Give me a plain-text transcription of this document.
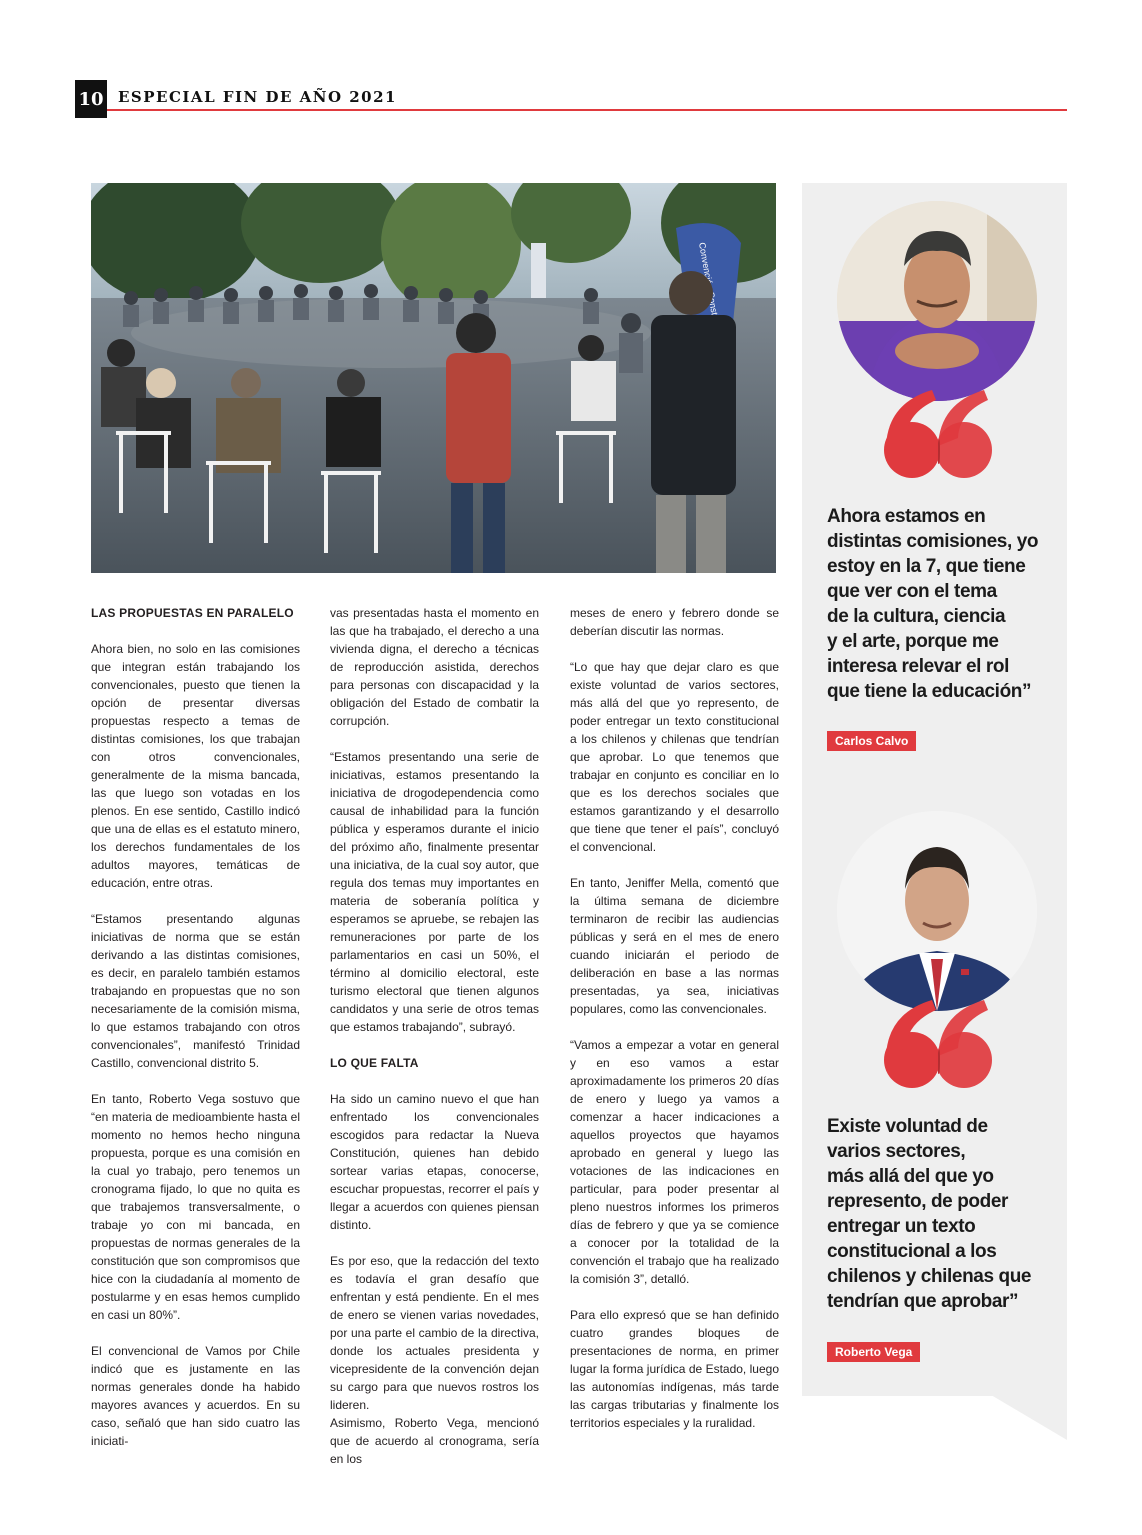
10 ESPECIAL FIN DE AÑO 2021
Convención
LAS PROPUESTAS EN PARALELO

Ahora bien, no solo en las comisiones que integran están trabajando los convencionales, puesto que tienen la opción de presentar diversas propuestas respecto a temas de distintas comisiones, los que trabajan con otros convencionales, generalmente de la misma bancada, las que luego son votadas en los plenos. En ese sentido, Castillo indicó que una de ellas es el estatuto minero, los derechos fundamentales de los adultos mayores, temáticas de educación, entre otras.

“Estamos presentando algunas iniciativas de norma que se están derivando a las distintas comisiones, es decir, en paralelo también estamos trabajando en propuestas que no son necesariamente de la comisión misma, lo que estamos trabajando con otros convencionales”, manifestó Trinidad Castillo, convencional distrito 5.

En tanto, Roberto Vega sostuvo que “en materia de medioambiente hasta el momento no hemos hecho ninguna propuesta, porque es una comisión en la cual yo trabajo, pero tenemos un cronograma fijado, lo que no quita es que trabajemos transversalmente, o trabaje yo con mi bancada, en propuestas de normas generales de la constitución que son compromisos que hice con la ciudadanía al momento de postularme y en esas hemos cumplido en casi un 80%”.

El convencional de Vamos por Chile indicó que es justamente en las normas generales donde ha habido mayores avances y acuerdos. En su caso, señaló que han sido cuatro las iniciati-

vas presentadas hasta el momento en las que ha trabajado, el derecho a una vivienda digna, el derecho a técnicas de reproducción asistida, derechos para personas con discapacidad y la obligación del Estado de combatir la corrupción.

“Estamos presentando una serie de iniciativas, estamos presentando la iniciativa de drogodependencia como causal de inhabilidad para la función pública y esperamos durante el inicio del próximo año, finalmente presentar una iniciativa, de la cual soy autor, que regula dos temas muy importantes en materia de soberanía política y esperamos se apruebe, se rebajen las remuneraciones por parte de los parlamentarios en casi un 50%, el término al domicilio electoral, este turismo electoral que tienen algunos candidatos y una serie de otros temas que estamos trabajando”, subrayó.

LO QUE FALTA

Ha sido un camino nuevo el que han enfrentado los convencionales escogidos para redactar la Nueva Constitución, quienes han debido sortear varias etapas, conocerse, escuchar propuestas, recorrer el país y llegar a acuerdos con quienes piensan distinto.

Es por eso, que la redacción del texto es todavía el gran desafío que enfrentan y está pendiente. En el mes de enero se vienen varias novedades, por una parte el cambio de la directiva, donde los actuales presidenta y vicepresidente de la convención dejan su cargo para que nuevos rostros los lideren.

Asimismo, Roberto Vega, mencionó que de acuerdo al cronograma, sería en los

meses de enero y febrero donde se deberían discutir las normas.

“Lo que hay que dejar claro es que existe voluntad de varios sectores, más allá del que yo represento, de poder entregar un texto constitucional a los chilenos y chilenas que tendrían que aprobar. Lo que tenemos que trabajar en conjunto es conciliar en lo que es los derechos sociales que estamos garantizando y el desarrollo que tiene que tener el país”, concluyó el convencional.

En tanto, Jeniffer Mella, comentó que la última semana de diciembre terminaron de recibir las audiencias públicas y será en el mes de enero cuando iniciarán el periodo de deliberación en base a las normas presentadas, ya sea, iniciativas populares, como las convencionales.

“Vamos a empezar a votar en general y en eso vamos a estar aproximadamente los primeros 20 días de enero y luego ya vamos a comenzar a hacer indicaciones a aquellos proyectos que hayamos aprobado en general y luego las votaciones de las indicaciones en particular, para poder presentar al pleno nuestros informes los primeros días de febrero y que ya se comience a conocer por la totalidad de la convención el trabajo que ha realizado la comisión 3”, detalló.

Para ello expresó que se han definido cuatro grandes bloques de presentaciones de norma, en primer lugar la forma jurídica de Estado, luego las autonomías indígenas, más tarde las cargas tributarias y finalmente los territorios especiales y la ruralidad.

Ahora estamos en
distintas comisiones, yo
estoy en la 7, que tiene
que ver con el tema
de la cultura, ciencia
y el arte, porque me
interesa relevar el rol
que tiene la educación”
Carlos Calvo
Existe voluntad de
varios sectores,
más allá del que yo
represento, de poder
entregar un texto
constitucional a los
chilenos y chilenas que
tendrían que aprobar”
Roberto Vega
